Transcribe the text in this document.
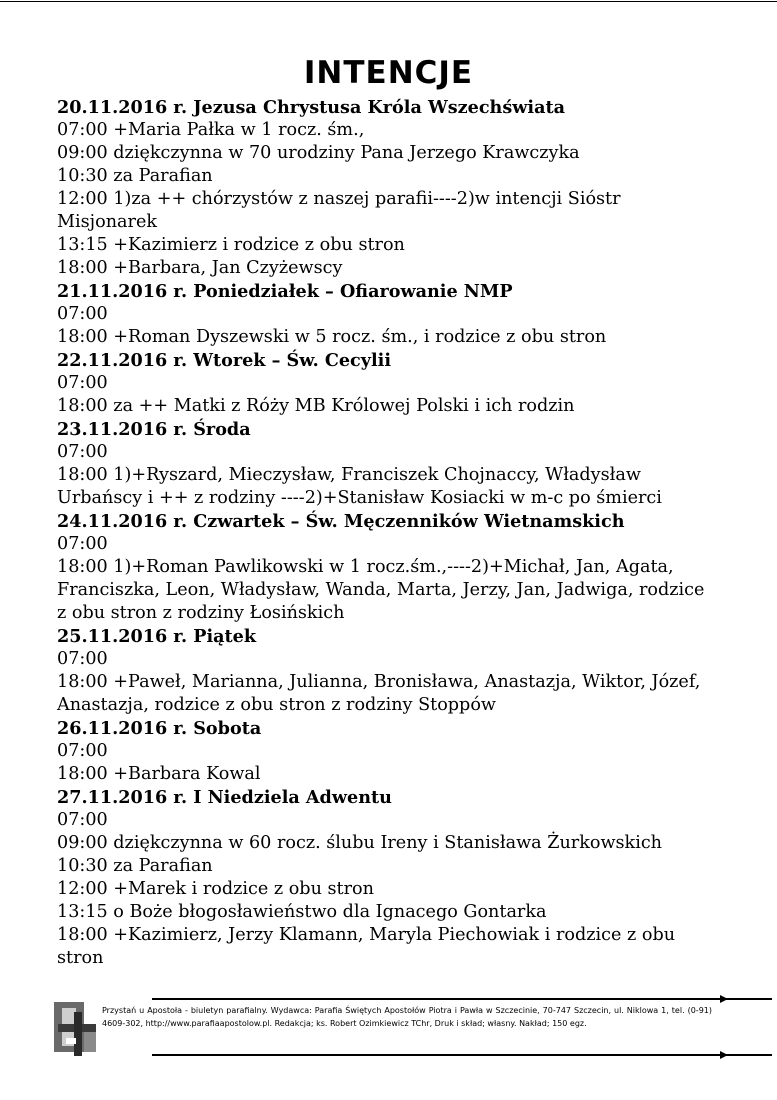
INTENCJE
20.11.2016 r. Jezusa Chrystusa Króla Wszechświata
07:00 +Maria Pałka w 1 rocz. śm.,
09:00 dziękczynna w 70 urodziny Pana Jerzego Krawczyka
10:30 za Parafian
12:00 1)za ++ chórzystów z naszej parafii----2)w intencji Sióstr
Misjonarek
13:15 +Kazimierz i rodzice z obu stron
18:00 +Barbara, Jan Czyżewscy
21.11.2016 r. Poniedziałek – Ofiarowanie NMP
07:00
18:00 +Roman Dyszewski w 5 rocz. śm., i rodzice z obu stron
22.11.2016 r. Wtorek – Św. Cecylii
07:00
18:00 za ++ Matki z Róży MB Królowej Polski i ich rodzin
23.11.2016 r. Środa
07:00
18:00 1)+Ryszard, Mieczysław, Franciszek Chojnaccy, Władysław
Urbańscy i ++ z rodziny ----2)+Stanisław Kosiacki w m-c po śmierci
24.11.2016 r. Czwartek – Św. Męczenników Wietnamskich
07:00
18:00 1)+Roman Pawlikowski w 1 rocz.śm.,----2)+Michał, Jan, Agata,
Franciszka, Leon, Władysław, Wanda, Marta, Jerzy, Jan, Jadwiga, rodzice
z obu stron z rodziny Łosińskich
25.11.2016 r. Piątek
07:00
18:00 +Paweł, Marianna, Julianna, Bronisława, Anastazja, Wiktor, Józef,
Anastazja, rodzice z obu stron z rodziny Stoppów
26.11.2016 r. Sobota
07:00
18:00 +Barbara Kowal
27.11.2016 r. I Niedziela Adwentu
07:00
09:00 dziękczynna w 60 rocz. ślubu Ireny i Stanisława Żurkowskich
10:30 za Parafian
12:00 +Marek i rodzice z obu stron
13:15 o Boże błogosławieństwo dla Ignacego Gontarka
18:00 +Kazimierz, Jerzy Klamann, Maryla Piechowiak i rodzice z obu
stron
Przystań u Apostoła - biuletyn parafialny. Wydawca: Parafia Świętych Apostołów Piotra i Pawła w Szczecinie, 70-747 Szczecin, ul. Niklowa 1, tel. (0-91) 4609-302, http://www.parafiaapostolow.pl. Redakcja; ks. Robert Ozimkiewicz TChr, Druk i skład; własny. Nakład; 150 egz.
